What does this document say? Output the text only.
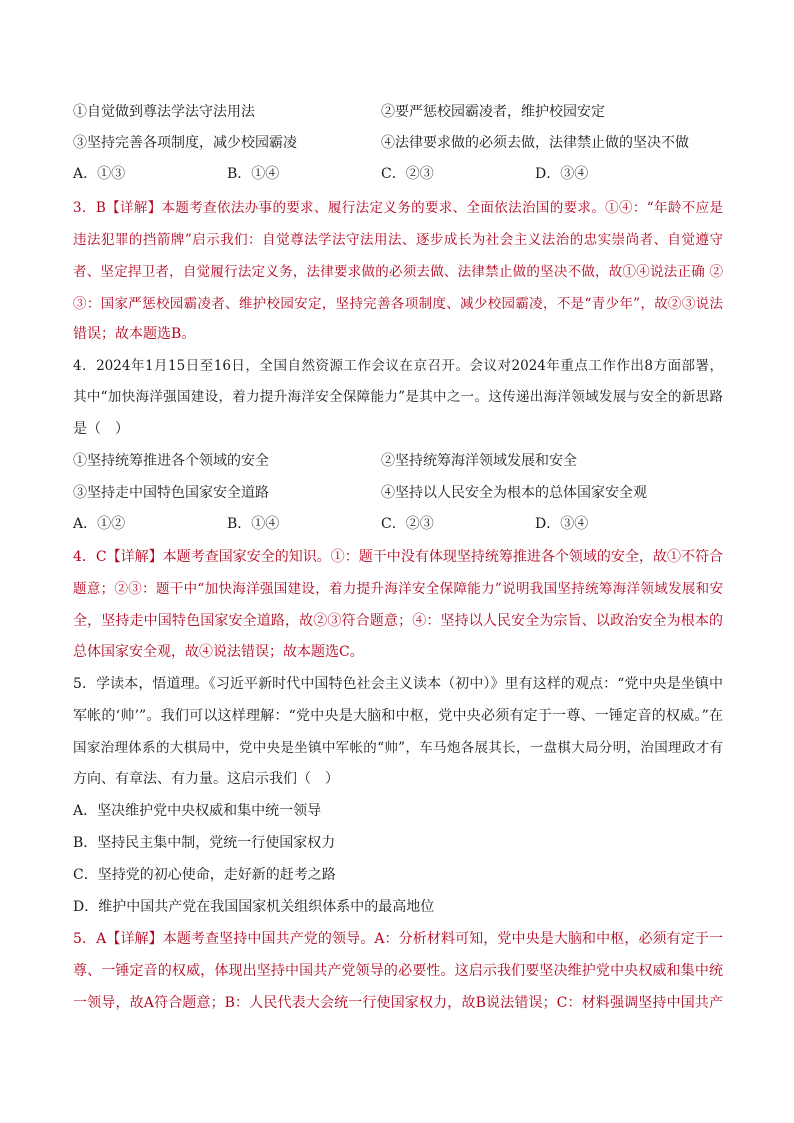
①自觉做到尊法学法守法用法	②要严惩校园霸凌者，维护校园安定
③坚持完善各项制度，减少校园霸凌	④法律要求做的必须去做，法律禁止做的坚决不做
A．①③	B．①④	C．②③	D．③④
3．B【详解】本题考查依法办事的要求、履行法定义务的要求、全面依法治国的要求。①④：“年龄不应是
违法犯罪的挡箭牌”启示我们：自觉尊法学法守法用法、逐步成长为社会主义法治的忠实崇尚者、自觉遵守
者、坚定捍卫者，自觉履行法定义务，法律要求做的必须去做、法律禁止做的坚决不做，故①④说法正确 ②
③：国家严惩校园霸凌者、维护校园安定，坚持完善各项制度、减少校园霸凌，不是“青少年”，故②③说法
错误；故本题选B。
4．2024年1月15日至16日，全国自然资源工作会议在京召开。会议对2024年重点工作作出8方面部署，
其中“加快海洋强国建设，着力提升海洋安全保障能力”是其中之一。这传递出海洋领域发展与安全的新思路
是（　）
①坚持统筹推进各个领域的安全	②坚持统筹海洋领域发展和安全
③坚持走中国特色国家安全道路	④坚持以人民安全为根本的总体国家安全观
A．①②	B．①④	C．②③	D．③④
4．C【详解】本题考查国家安全的知识。①：题干中没有体现坚持统筹推进各个领域的安全，故①不符合
题意；②③：题干中“加快海洋强国建设，着力提升海洋安全保障能力”说明我国坚持统筹海洋领域发展和安
全，坚持走中国特色国家安全道路，故②③符合题意；④：坚持以人民安全为宗旨、以政治安全为根本的
总体国家安全观，故④说法错误；故本题选C。
5．学读本，悟道理。《习近平新时代中国特色社会主义读本（初中）》里有这样的观点：“党中央是坐镇中
军帐的‘帅’”。我们可以这样理解：“党中央是大脑和中枢，党中央必须有定于一尊、一锤定音的权威。”在
国家治理体系的大棋局中，党中央是坐镇中军帐的“帅”，车马炮各展其长，一盘棋大局分明，治国理政才有
方向、有章法、有力量。这启示我们（　）
A．坚决维护党中央权威和集中统一领导
B．坚持民主集中制，党统一行使国家权力
C．坚持党的初心使命，走好新的赶考之路
D．维护中国共产党在我国国家机关组织体系中的最高地位
5．A【详解】本题考查坚持中国共产党的领导。A：分析材料可知，党中央是大脑和中枢，必须有定于一
尊、一锤定音的权威，体现出坚持中国共产党领导的必要性。这启示我们要坚决维护党中央权威和集中统
一领导，故A符合题意；B：人民代表大会统一行使国家权力，故B说法错误；C：材料强调坚持中国共产
